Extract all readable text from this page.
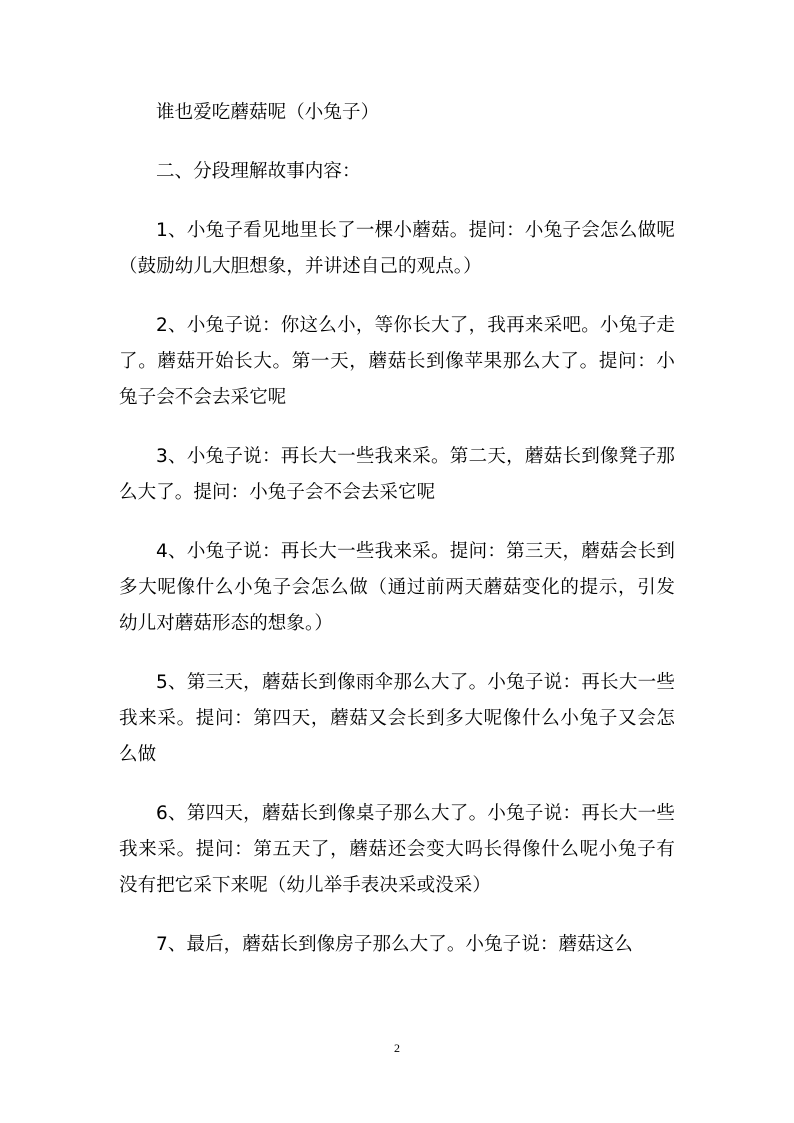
谁也爱吃蘑菇呢（小兔子）

二、分段理解故事内容：

1、小兔子看见地里长了一棵小蘑菇。提问：小兔子会怎么做呢（鼓励幼儿大胆想象，并讲述自己的观点。）

2、小兔子说：你这么小，等你长大了，我再来采吧。小兔子走了。蘑菇开始长大。第一天，蘑菇长到像苹果那么大了。提问：小兔子会不会去采它呢

3、小兔子说：再长大一些我来采。第二天，蘑菇长到像凳子那么大了。提问：小兔子会不会去采它呢

4、小兔子说：再长大一些我来采。提问：第三天，蘑菇会长到多大呢像什么小兔子会怎么做（通过前两天蘑菇变化的提示，引发幼儿对蘑菇形态的想象。）

5、第三天，蘑菇长到像雨伞那么大了。小兔子说：再长大一些我来采。提问：第四天，蘑菇又会长到多大呢像什么小兔子又会怎么做

6、第四天，蘑菇长到像桌子那么大了。小兔子说：再长大一些我来采。提问：第五天了，蘑菇还会变大吗长得像什么呢小兔子有没有把它采下来呢（幼儿举手表决采或没采）

7、最后，蘑菇长到像房子那么大了。小兔子说：蘑菇这么

2
